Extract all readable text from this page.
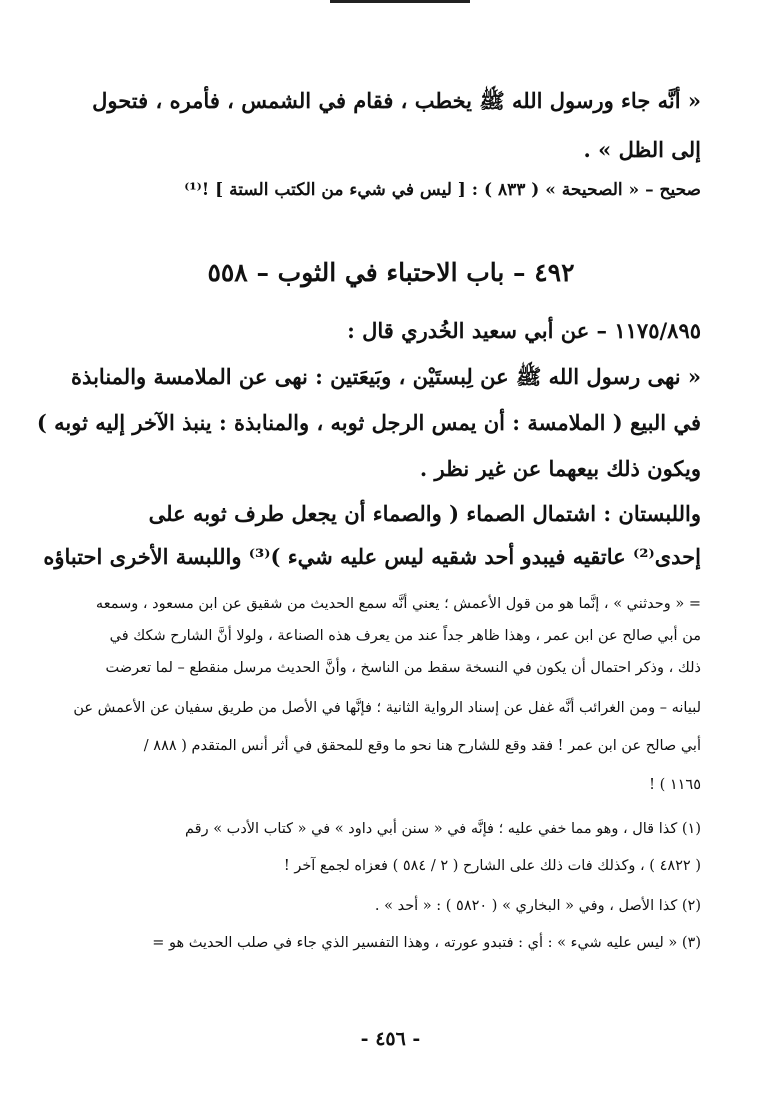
« أنَّه جاء ورسول الله ﷺ يخطب ، فقام في الشمس ، فأمره ، فتحول
إلى الظل » .
صحيح – « الصحيحة » ( ٨٣٣ ) : [ ليس في شيء من الكتب الستة ] !⁽¹⁾
٤٩٢ – باب الاحتباء في الثوب – ٥٥٨
١١٧٥/٨٩٥ – عن أبي سعيد الخُدري قال :
« نهى رسول الله ﷺ عن لِبستَيْن ، وبَيعَتين : نهى عن الملامسة والمنابذة
في البيع ( الملامسة : أن يمس الرجل ثوبه ، والمنابذة : ينبذ الآخر إليه ثوبه )
ويكون ذلك بيعهما عن غير نظر .
واللبستان : اشتمال الصماء ( والصماء أن يجعل طرف ثوبه على
إحدى⁽²⁾ عاتقيه فيبدو أحد شقيه ليس عليه شيء )⁽³⁾ واللبسة الأخرى احتباؤه
= « وحدثني » ، إنَّما هو من قول الأعمش ؛ يعني أنَّه سمع الحديث من شقيق عن ابن مسعود ، وسمعه
من أبي صالح عن ابن عمر ، وهذا ظاهر جداً عند من يعرف هذه الصناعة ، ولولا أنَّ الشارح شكك في
ذلك ، وذكر احتمال أن يكون في النسخة سقط من الناسخ ، وأنَّ الحديث مرسل منقطع – لما تعرضت
لبيانه – ومن الغرائب أنَّه غفل عن إسناد الرواية الثانية ؛ فإنَّها في الأصل من طريق سفيان عن الأعمش عن
أبي صالح عن ابن عمر ! فقد وقع للشارح هنا نحو ما وقع للمحقق في أثر أنس المتقدم ( ٨٨٨ /
١١٦٥ ) !
(١) كذا قال ، وهو مما خفي عليه ؛ فإنَّه في « سنن أبي داود » في « كتاب الأدب » رقم
( ٤٨٢٢ ) ، وكذلك فات ذلك على الشارح ( ٢ / ٥٨٤ ) فعزاه لجمع آخر !
(٢) كذا الأصل ، وفي « البخاري » ( ٥٨٢٠ ) : « أحد » .
(٣) « ليس عليه شيء » : أي : فتبدو عورته ، وهذا التفسير الذي جاء في صلب الحديث هو =
- ٤٥٦ -
